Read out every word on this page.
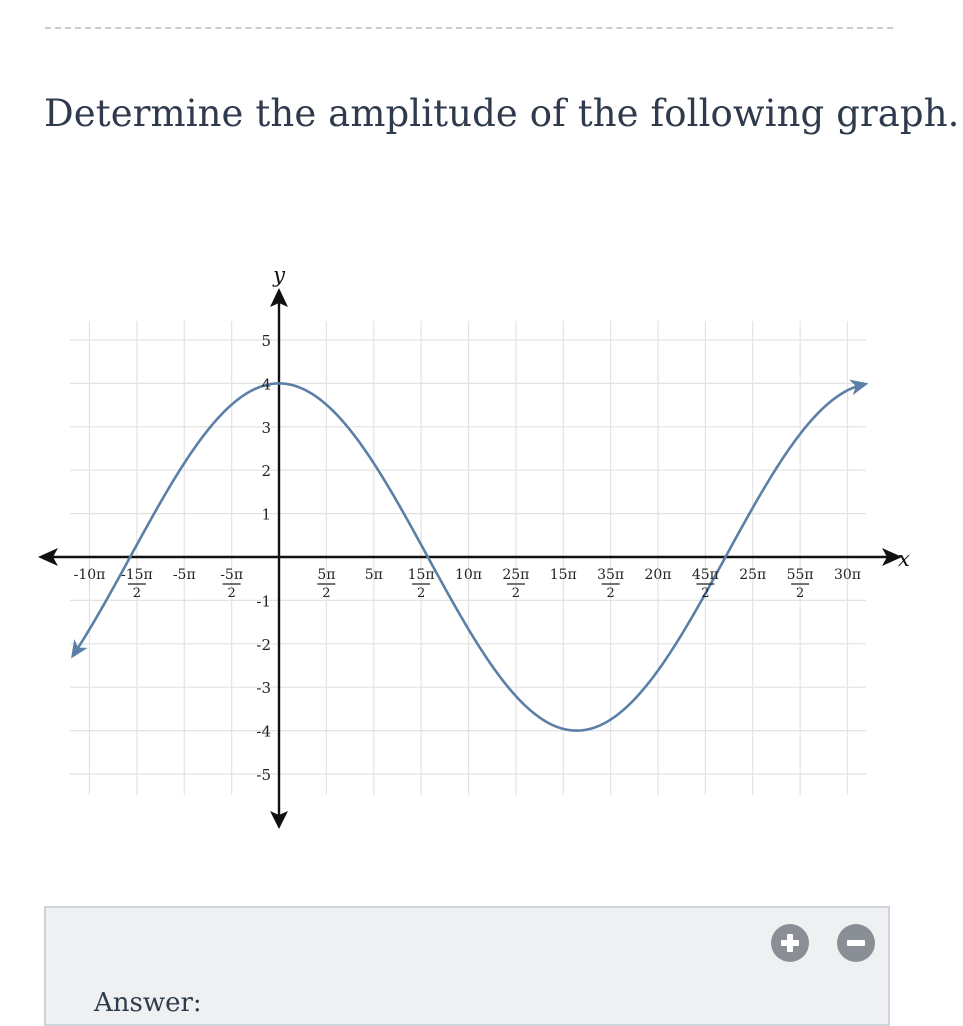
Determine the amplitude of the following graph.
x
y
5
4
3
2
1
-1
-2
-3
-4
-5
-10π -15π
2
-5π -5π
2
5π
2
5π 15π
2
10π 25π
2
15π 35π
2
20π 45π
2
25π 55π
2
30π
Answer:
